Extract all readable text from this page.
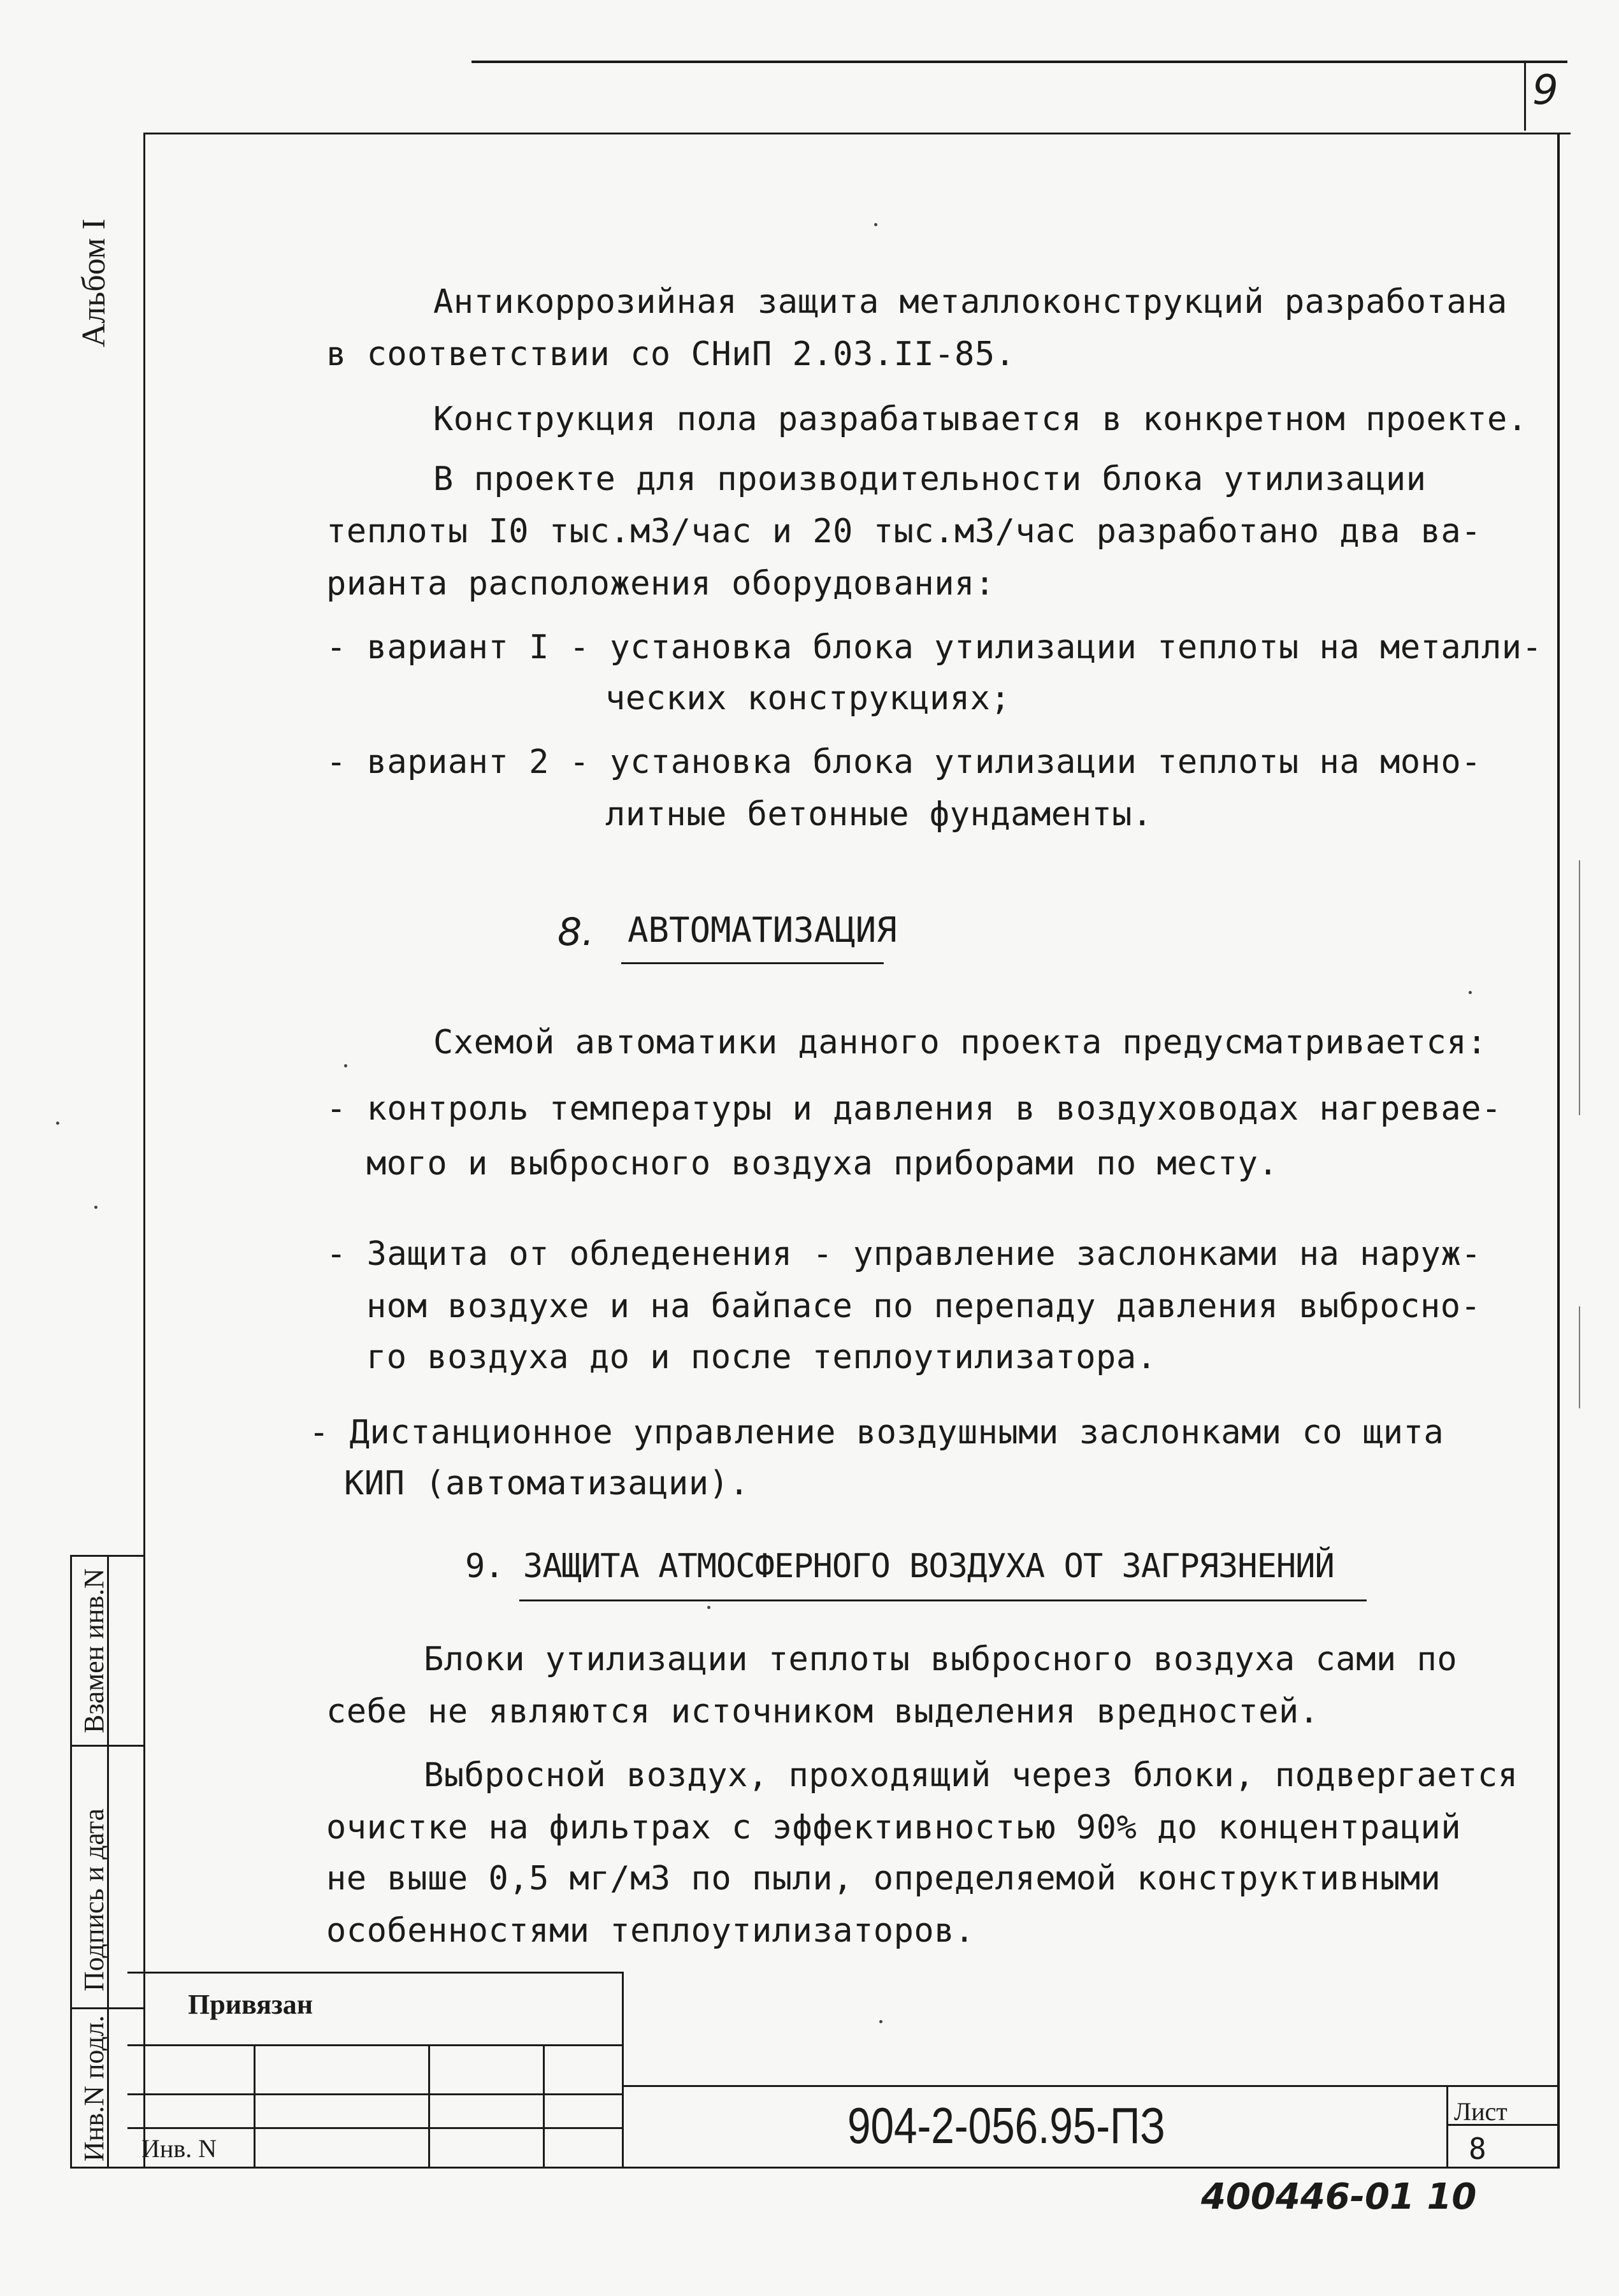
9
Альбом I	Антикоррозийная защита металлоконструкций разработана
в соответствии со СНиП 2.03.II-85.
Конструкция пола разрабатывается в конкретном проекте.
В проекте для производительности блока утилизации
теплоты I0 тыс.м3/час и 20 тыс.м3/час разработано два ва-
рианта расположения оборудования:
- вариант I - установка блока утилизации теплоты на металли-
ческих конструкциях;
- вариант 2 - установка блока утилизации теплоты на моно-
литные бетонные фундаменты.
8. АВТОМАТИЗАЦИЯ
Схемой автоматики данного проекта предусматривается:
- контроль температуры и давления в воздуховодах нагревае-
мого и выбросного воздуха приборами по месту.
- Защита от обледенения - управление заслонками на наруж-
ном воздухе и на байпасе по перепаду давления выбросно-
го воздуха до и после теплоутилизатора.
- Дистанционное управление воздушными заслонками со щита
КИП (автоматизации).
9. ЗАЩИТА АТМОСФЕРНОГО ВОЗДУХА ОТ ЗАГРЯЗНЕНИЙ
Блоки утилизации теплоты выбросного воздуха сами по
себе не являются источником выделения вредностей.
Выбросной воздух, проходящий через блоки, подвергается
очистке на фильтрах с эффективностью 90% до концентраций
не выше 0,5 мг/м3 по пыли, определяемой конструктивными
особенностями теплоутилизаторов.
Взамен инв.N
Подпись и дата
Инв.N подл.
Привязан
Инв. N	904-2-056.95-ПЗ	Лист
8
400446-01 10
